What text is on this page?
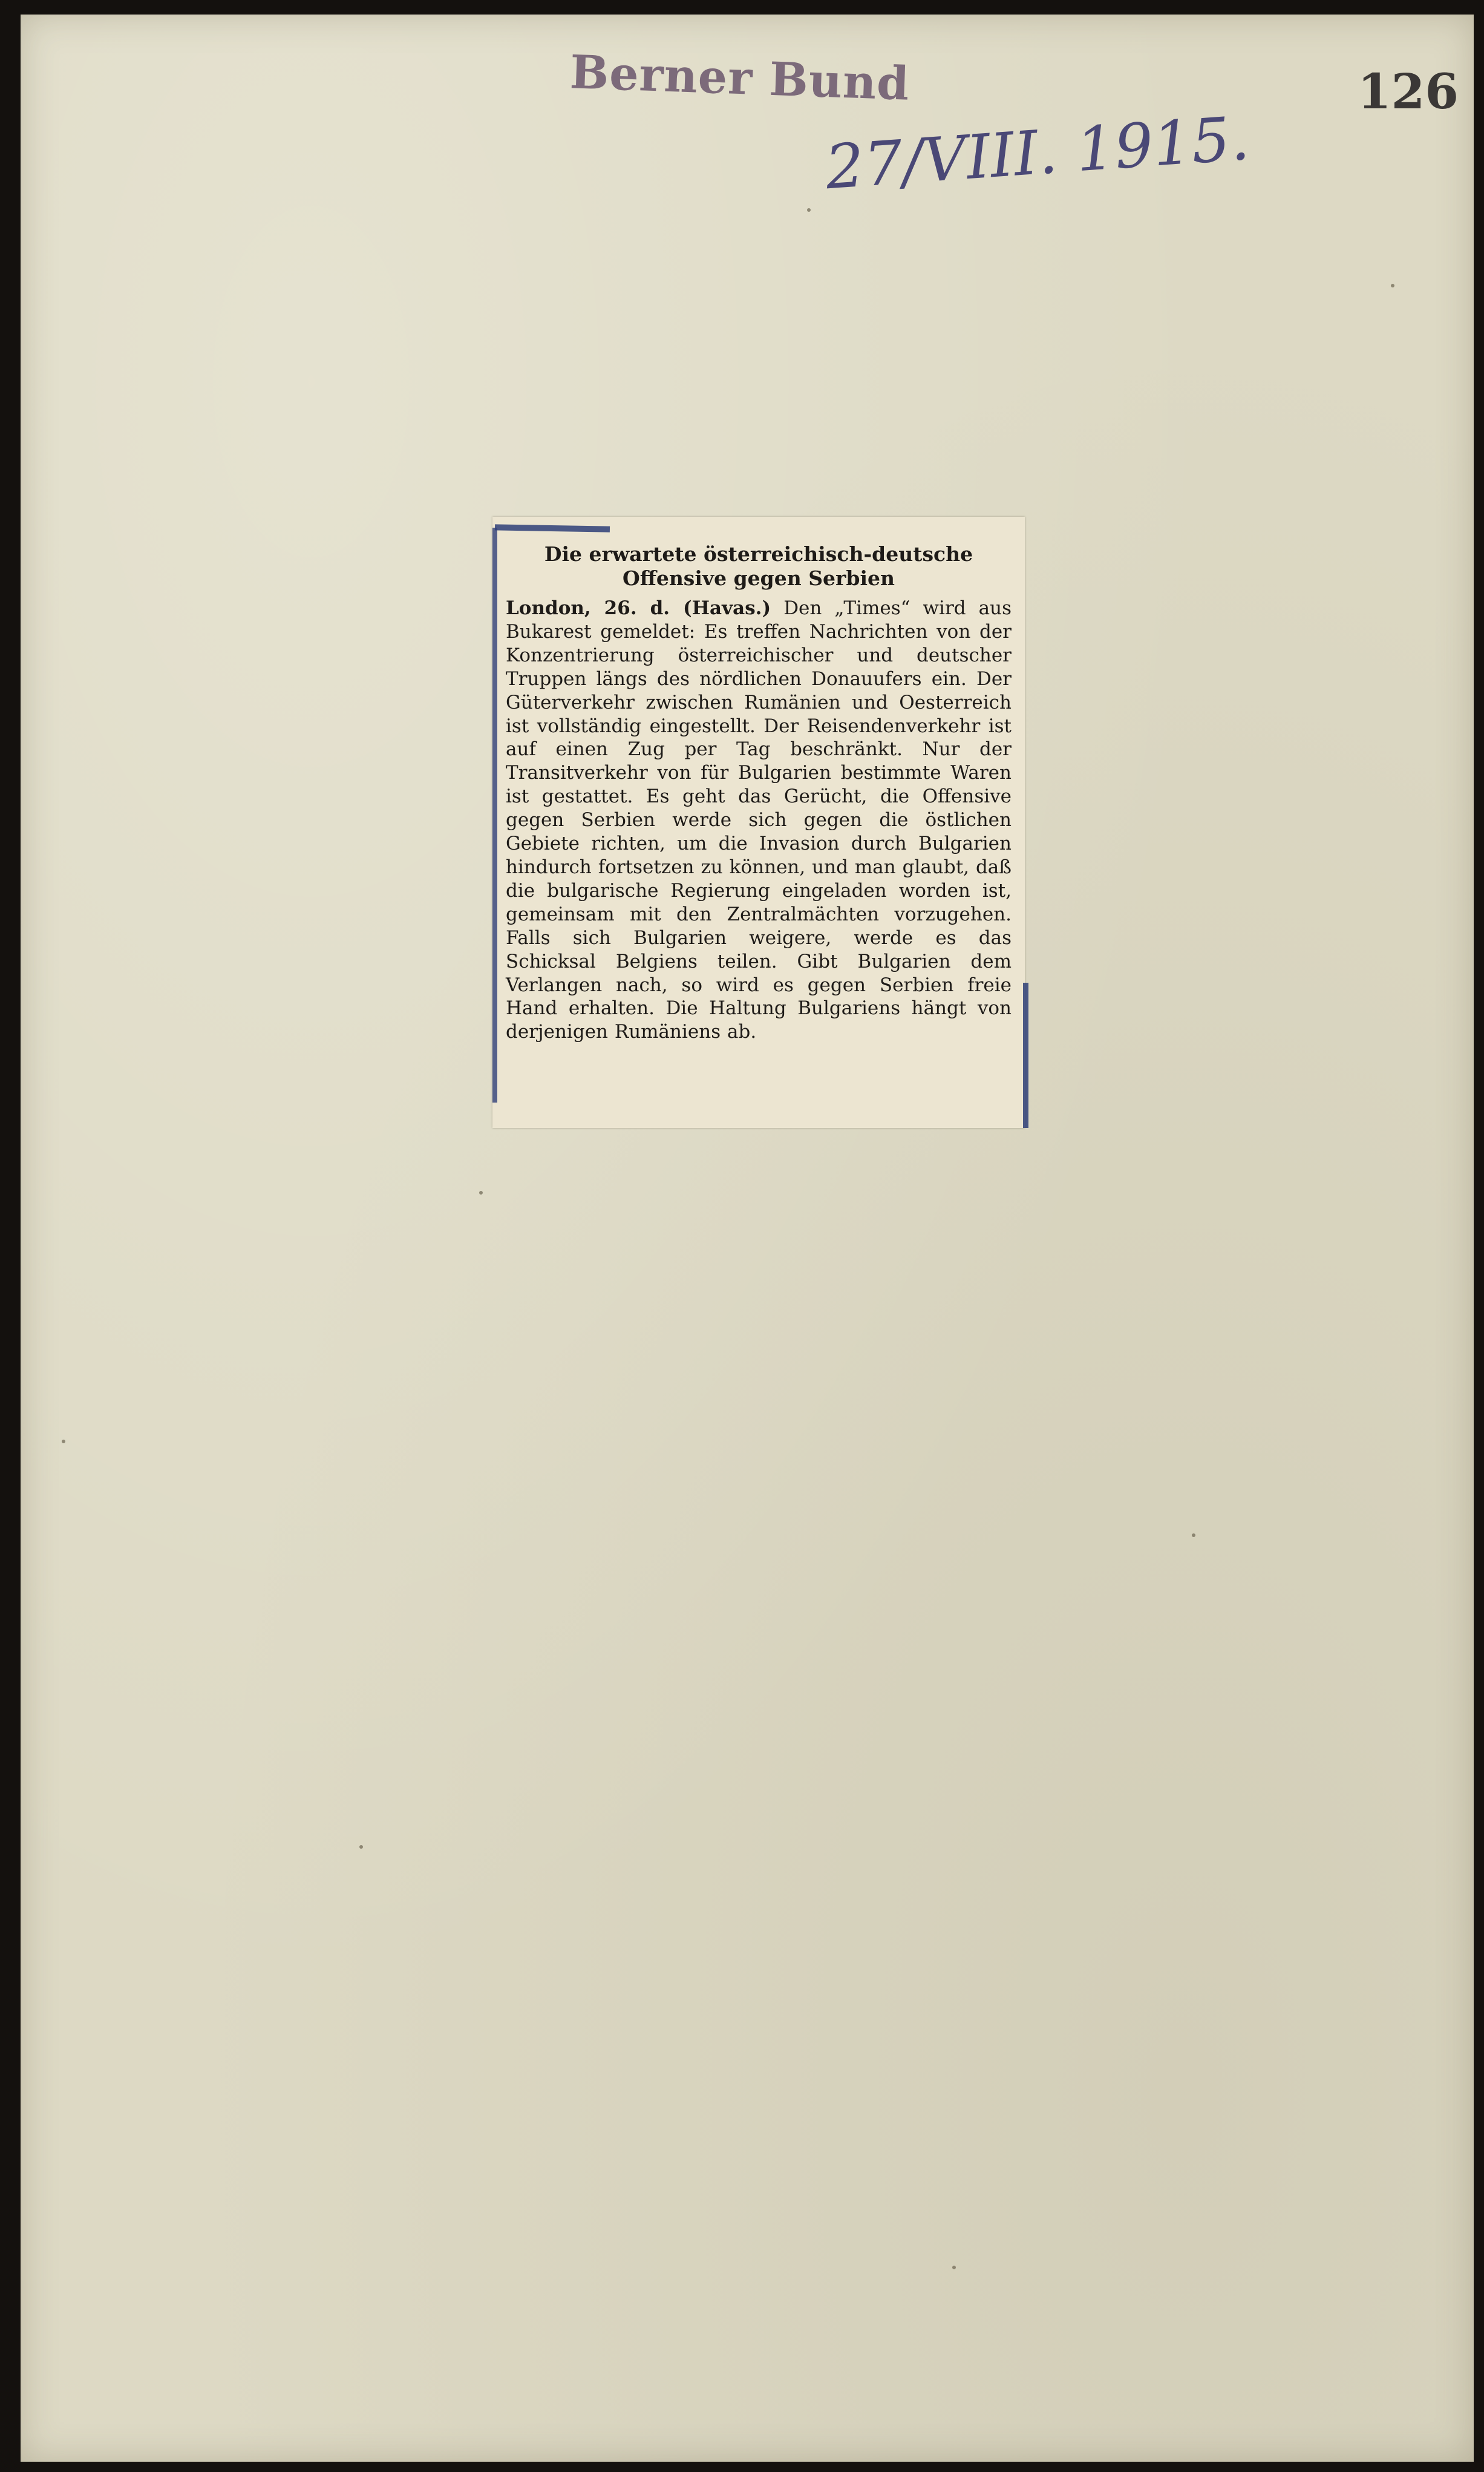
Berner Bund	126
27/VIII. 1915.
Die erwartete österreichisch-deutsche Offensive gegen Serbien

London, 26. d. (Havas.) Den „Times“ wird aus Bukarest gemeldet: Es treffen Nachrichten von der Konzentrierung österreichischer und deutscher Truppen längs des nördlichen Donauufers ein. Der Güterverkehr zwischen Rumänien und Oesterreich ist vollständig eingestellt. Der Reisendenverkehr ist auf einen Zug per Tag beschränkt. Nur der Transitverkehr von für Bulgarien bestimmte Waren ist gestattet. Es geht das Gerücht, die Offensive gegen Serbien werde sich gegen die östlichen Gebiete richten, um die Invasion durch Bulgarien hindurch fortsetzen zu können, und man glaubt, daß die bulgarische Regierung eingeladen worden ist, gemeinsam mit den Zentralmächten vorzugehen. Falls sich Bulgarien weigere, werde es das Schicksal Belgiens teilen. Gibt Bulgarien dem Verlangen nach, so wird es gegen Serbien freie Hand erhalten. Die Haltung Bulgariens hängt von derjenigen Rumäniens ab.
